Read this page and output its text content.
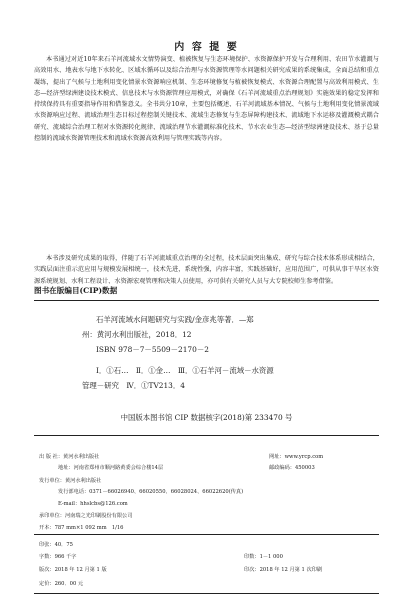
内 容 提 要
本书通过对近10年来石羊河流域水文情势演变、植被恢复与生态环境保护、水资源保护开发与合理利用、农田节水灌溉与高效用水、地表水与地下水转化、区域水循环以及综合治理与水资源管理等水问题相关研究成果的系统集成，全面总结和重点凝练，提出了气候与土地利用变化情景水资源响应机制、生态环境修复与植被恢复模式、水资源合理配置与高效利用模式、生态—经济型绿洲建设技术模式、信息技术与水资源管理应用模式，对确保《石羊河流域重点治理规划》实施效果的稳定发挥和持续保持具有重要指导作用和借鉴意义。全书共分10章，主要包括概述、石羊河流域基本情况、气候与土地利用变化情景流域水资源响应过程、流域治理生态目标过程控制关键技术、流域生态修复与生态屏障构建技术、流域地下水运移及灌溉模式耦合研究、流域综合治理工程对水资源转化规律、流域治理节水灌溉标准化技术、节水农业生态—经济型绿洲建设技术、基于总量控制的流域水资源管理技术和流域水资源高效利用与管理实践等内容。
本书涉及研究成果的取得，伴随了石羊河流域重点治理的全过程，技术层面突出集成、研究与综合技术体系形成相结合，实践层面注重示范应用与规模发展相统一，技术先进，系统性强，内容丰富，实践基础好，应用范围广，可供从事干旱区水资源系统规划、水利工程设计、水资源宏观管理和决策人员使用，亦可供有关研究人员与大专院校师生参考借鉴。
图书在版编目(CIP)数据
石羊河流域水问题研究与实践/金彦兆等著．—郑
州：黄河水利出版社，2018．12
ISBN 978－7－5509－2170－2
Ⅰ．①石…　Ⅱ．①金…　Ⅲ．①石羊河－流域－水资源
管理－研究　Ⅳ．①TV213．4
中国版本图书馆 CIP 数据核字(2018)第 233470 号
出 版 社：黄河水利出版社	网址：www.yrcp.com
地址：河南省郑州市顺河路黄委会综合楼14层	邮政编码：450003
发行单位：黄河水利出版社
发行部电话：0371－66026940、66020550、66028024、66022620(传真)
E-mail：hhslcbs@126.com
承印单位：河南瑞之光印刷股份有限公司
开本：787 mm×1 092 mm　1/16
印张：40．75
字数：966 千字	印数：1－1 000
版次：2018 年 12 月第 1 版	印次：2018 年 12 月第 1 次印刷
定价：260．00 元
